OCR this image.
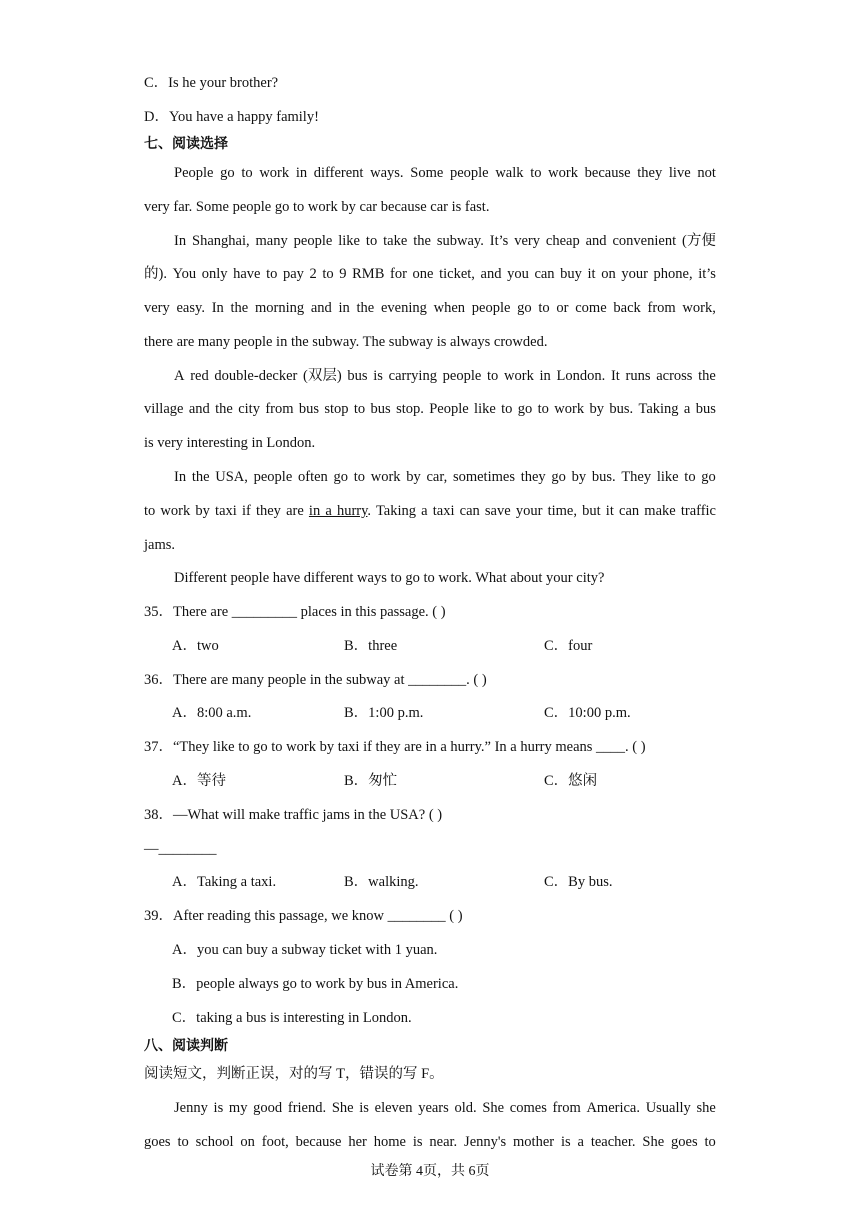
C．Is he your brother?
D．You have a happy family!
七、阅读选择
People go to work in different ways. Some people walk to work because they live not
very far. Some people go to work by car because car is fast.
In Shanghai, many people like to take the subway. It’s very cheap and convenient (方便
的). You only have to pay 2 to 9 RMB for one ticket, and you can buy it on your phone, it’s
very easy. In the morning and in the evening when people go to or come back from work,
there are many people in the subway. The subway is always crowded.
A red double-decker (双层) bus is carrying people to work in London. It runs across the
village and the city from bus stop to bus stop. People like to go to work by bus. Taking a bus
is very interesting in London.
In the USA, people often go to work by car, sometimes they go by bus. They like to go
to work by taxi if they are in a hurry. Taking a taxi can save your time, but it can make traffic
jams.
Different people have different ways to go to work. What about your city?
35．There are _________ places in this passage. ( )
A．two	B．three	C．four
36．There are many people in the subway at ________. ( )
A．8:00 a.m.	B．1:00 p.m.	C．10:00 p.m.
37．“They like to go to work by taxi if they are in a hurry.” In a hurry means ____. ( )
A．等待	B．匆忙	C．悠闲
38．—What will make traffic jams in the USA? ( )
—________
A．Taking a taxi.	B．walking.	C．By bus.
39．After reading this passage, we know ________ ( )
A．you can buy a subway ticket with 1 yuan.
B．people always go to work by bus in America.
C．taking a bus is interesting in London.
八、阅读判断
阅读短文，判断正误，对的写 T，错误的写 F。
Jenny is my good friend. She is eleven years old. She comes from America. Usually she
goes to school on foot, because her home is near. Jenny's mother is a teacher. She goes to
试卷第 4页，共 6页
